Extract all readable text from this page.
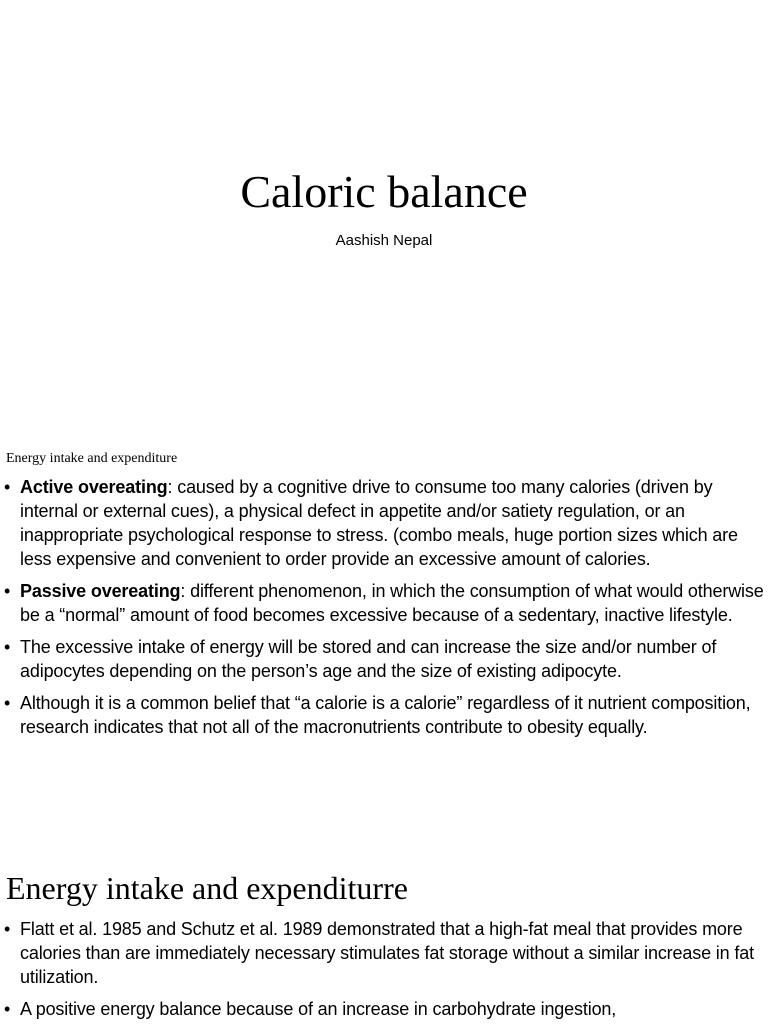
Caloric balance
Aashish Nepal
Energy intake and expenditure
• Active overeating: caused by a cognitive drive to consume too many calories (driven by internal or external cues), a physical defect in appetite and/or satiety regulation, or an inappropriate psychological response to stress. (combo meals, huge portion sizes which are less expensive and convenient to order provide an excessive amount of calories.
• Passive overeating: different phenomenon, in which the consumption of what would otherwise be a “normal” amount of food becomes excessive because of a sedentary, inactive lifestyle.
• The excessive intake of energy will be stored and can increase the size and/or number of adipocytes depending on the person’s age and the size of existing adipocyte.
• Although it is a common belief that “a calorie is a calorie” regardless of it nutrient composition, research indicates that not all of the macronutrients contribute to obesity equally.
Energy intake and expenditurre
• Flatt et al. 1985 and Schutz et al. 1989 demonstrated that a high-fat meal that provides more calories than are immediately necessary stimulates fat storage without a similar increase in fat utilization.
• A positive energy balance because of an increase in carbohydrate ingestion,
